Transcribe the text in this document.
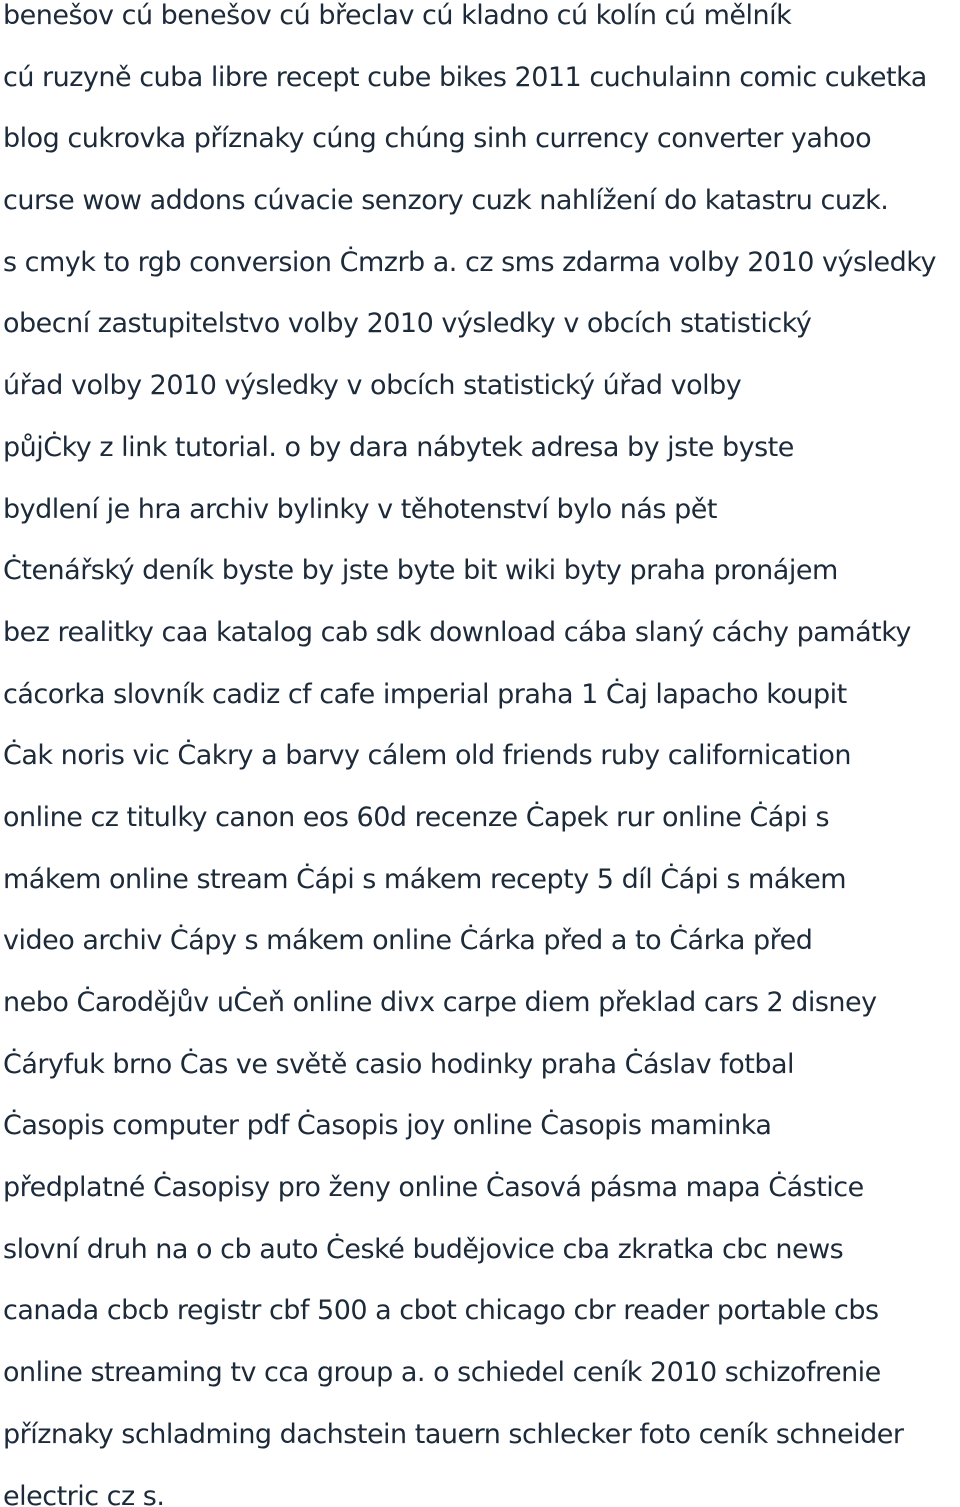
benešov cú benešov cú břeclav cú kladno cú kolín cú mělník
cú ruzyně cuba libre recept cube bikes 2011 cuchulainn comic cuketka
blog cukrovka příznaky cúng chúng sinh currency converter yahoo
curse wow addons cúvacie senzory cuzk nahlížení do katastru cuzk.
s cmyk to rgb conversion Ċmzrb a. cz sms zdarma volby 2010 výsledky
obecní zastupitelstvo volby 2010 výsledky v obcích statistický
úřad volby 2010 výsledky v obcích statistický úřad volby
půjĊky z link tutorial. o by dara nábytek adresa by jste byste
bydlení je hra archiv bylinky v těhotenství bylo nás pět
Ċtenářský deník byste by jste byte bit wiki byty praha pronájem
bez realitky caa katalog cab sdk download cába slaný cáchy památky
cácorka slovník cadiz cf cafe imperial praha 1 Ċaj lapacho koupit
Ċak noris vic Ċakry a barvy cálem old friends ruby californication
online cz titulky canon eos 60d recenze Ċapek rur online Ċápi s
mákem online stream Ċápi s mákem recepty 5 díl Ċápi s mákem
video archiv Ċápy s mákem online Ċárka před a to Ċárka před
nebo Ċarodějův uĊeň online divx carpe diem překlad cars 2 disney
Ċáryfuk brno Ċas ve světě casio hodinky praha Ċáslav fotbal
Ċasopis computer pdf Ċasopis joy online Ċasopis maminka
předplatné Ċasopisy pro ženy online Ċasová pásma mapa Ċástice
slovní druh na o cb auto Ċeské budějovice cba zkratka cbc news
canada cbcb registr cbf 500 a cbot chicago cbr reader portable cbs
online streaming tv cca group a. o schiedel ceník 2010 schizofrenie
příznaky schladming dachstein tauern schlecker foto ceník schneider
electric cz s.
